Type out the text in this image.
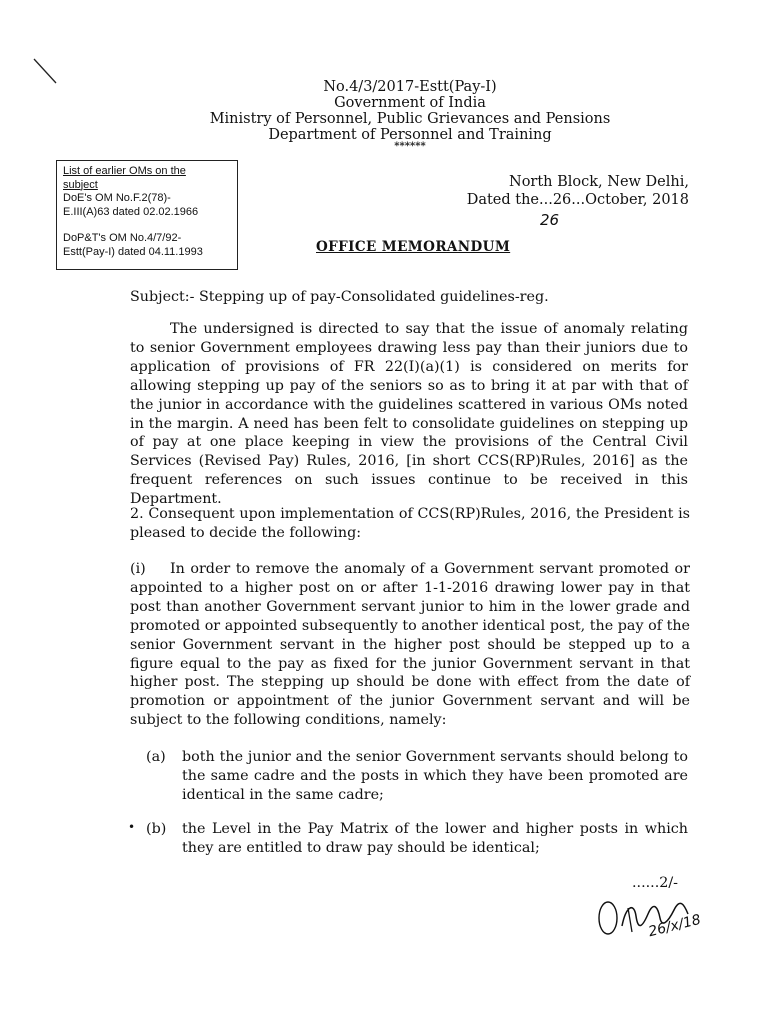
No.4/3/2017-Estt(Pay-I)
Government of India
Ministry of Personnel, Public Grievances and Pensions
Department of Personnel and Training
******
List of earlier OMs on the
subject
DoE's OM No.F.2(78)-
E.III(A)63 dated 02.02.1966
DoP&T's OM No.4/7/92-
Estt(Pay-I) dated 04.11.1993
North Block, New Delhi,
Dated the...26...October, 2018
26
OFFICE MEMORANDUM
Subject:- Stepping up of pay-Consolidated guidelines-reg.
The undersigned is directed to say that the issue of anomaly relating to senior Government employees drawing less pay than their juniors due to application of provisions of FR 22(I)(a)(1) is considered on merits for allowing stepping up pay of the seniors so as to bring it at par with that of the junior in accordance with the guidelines scattered in various OMs noted in the margin. A need has been felt to consolidate guidelines on stepping up of pay at one place keeping in view the provisions of the Central Civil Services (Revised Pay) Rules, 2016, [in short CCS(RP)Rules, 2016] as the frequent references on such issues continue to be received in this Department.
2. Consequent upon implementation of CCS(RP)Rules, 2016, the President is pleased to decide the following:
(i)	In order to remove the anomaly of a Government servant promoted or appointed to a higher post on or after 1-1-2016 drawing lower pay in that post than another Government servant junior to him in the lower grade and promoted or appointed subsequently to another identical post, the pay of the senior Government servant in the higher post should be stepped up to a figure equal to the pay as fixed for the junior Government servant in that higher post. The stepping up should be done with effect from the date of promotion or appointment of the junior Government servant and will be subject to the following conditions, namely:
(a) both the junior and the senior Government servants should belong to the same cadre and the posts in which they have been promoted are identical in the same cadre;
• (b) the Level in the Pay Matrix of the lower and higher posts in which they are entitled to draw pay should be identical;
......2/-
26/x/18
